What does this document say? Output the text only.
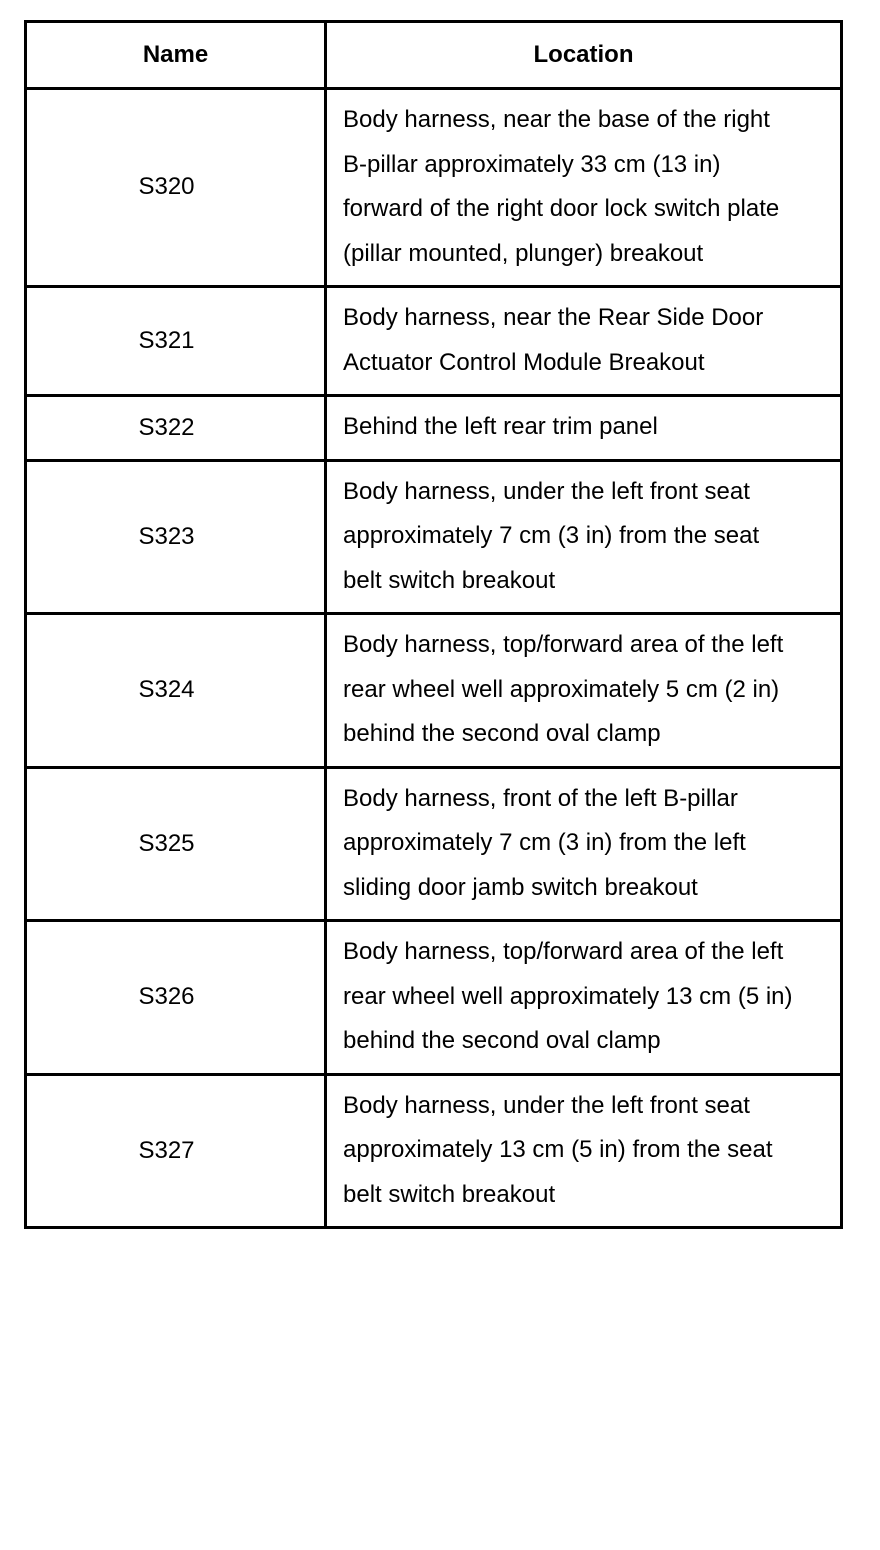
Name	Location
S320	Body harness, near the base of the right B-pillar approximately 33 cm (13 in) forward of the right door lock switch plate (pillar mounted, plunger) breakout
S321	Body harness, near the Rear Side Door Actuator Control Module Breakout
S322	Behind the left rear trim panel
S323	Body harness, under the left front seat approximately 7 cm (3 in) from the seat belt switch breakout
S324	Body harness, top/forward area of the left rear wheel well approximately 5 cm (2 in) behind the second oval clamp
S325	Body harness, front of the left B-pillar approximately 7 cm (3 in) from the left sliding door jamb switch breakout
S326	Body harness, top/forward area of the left rear wheel well approximately 13 cm (5 in) behind the second oval clamp
S327	Body harness, under the left front seat approximately 13 cm (5 in) from the seat belt switch breakout
